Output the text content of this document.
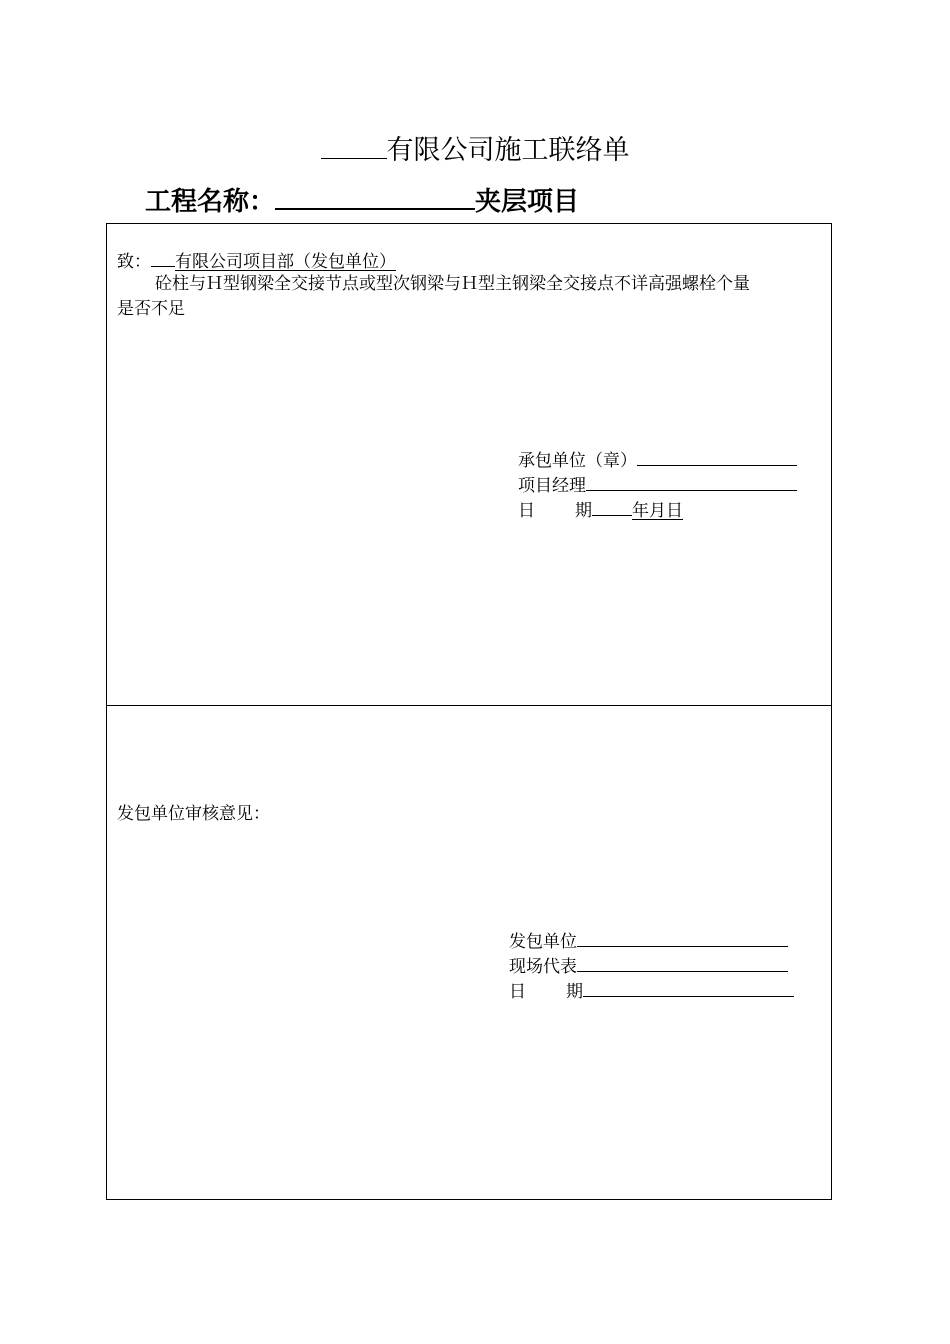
有限公司施工联络单
工程名称：	夹层项目
致： 有限公司项目部（发包单位）
砼柱与Ｈ型钢梁全交接节点或型次钢梁与Ｈ型主钢梁全交接点不详高强螺栓个量
是否不足
承包单位（章）
项目经理
日 期 年月日
发包单位审核意见：
发包单位
现场代表
日 期
